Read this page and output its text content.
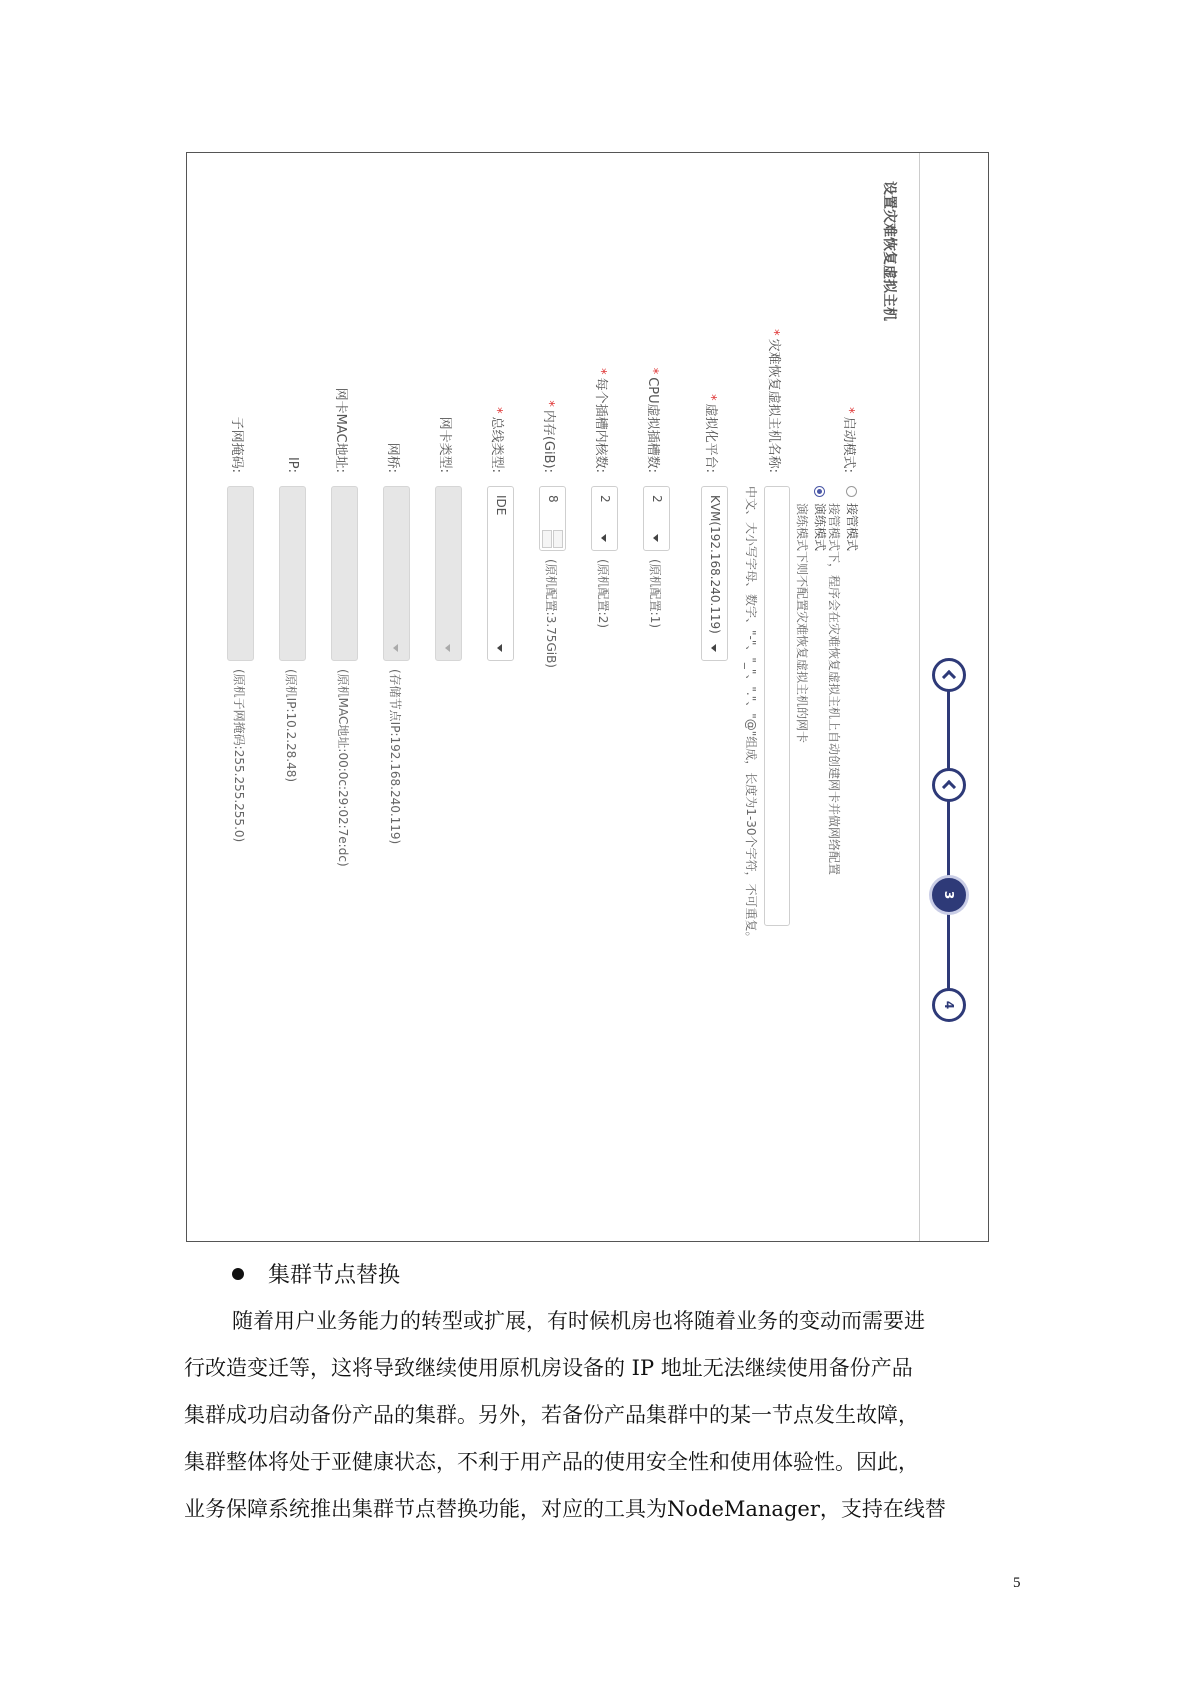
3
4
设置灾难恢复虚拟主机
*启动模式:
接管模式
接管模式下，程序会在灾难恢复虚拟主机上自动创建网卡并做网络配置
演练模式
演练模式下则不配置灾难恢复虚拟主机的网卡
*灾难恢复虚拟主机名称:
中文、大小写字母、数字、"-"、"_"、"."、"@"组成，长度为1-30个字符，不可重复。
*虚拟化平台:
KVM(192.168.240.119)
*CPU虚拟插槽数:
2
(原机配置:1)
*每个插槽内核数:
2
(原机配置:2)
*内存(GiB):
8
(原机配置:3.75GiB)
*总线类型:
IDE
网卡类型:
网桥:
(存储节点IP:192.168.240.119)
网卡MAC地址:
(原机MAC地址:00:0c:29:02:7e:dc)
IP:
(原机IP:10.2.28.48)
子网掩码:
(原机子网掩码:255.255.255.0)
集群节点替换

随着用户业务能力的转型或扩展，有时候机房也将随着业务的变动而需要进

行改造变迁等，这将导致继续使用原机房设备的 IP 地址无法继续使用备份产品

集群成功启动备份产品的集群。另外，若备份产品集群中的某一节点发生故障，

集群整体将处于亚健康状态，不利于用产品的使用安全性和使用体验性。因此，

业务保障系统推出集群节点替换功能，对应的工具为NodeManager，支持在线替

5
